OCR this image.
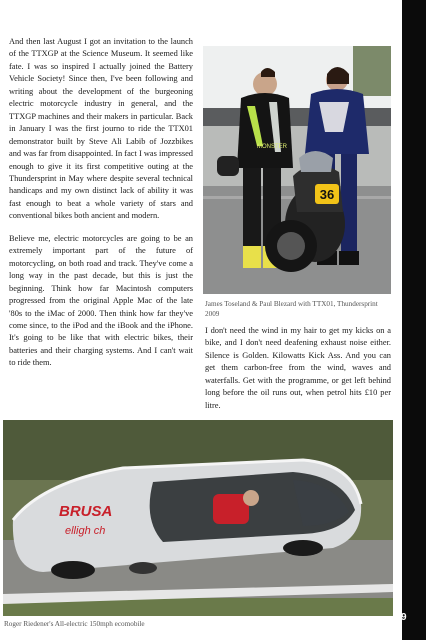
And then last August I got an invitation to the launch of the TTXGP at the Science Museum. It seemed like fate. I was so inspired I actually joined the Battery Vehicle Society! Since then, I've been following and writing about the development of the burgeoning electric motorcycle industry in general, and the TTXGP machines and their makers in particular. Back in January I was the first journo to ride the TTX01 demonstrator built by Steve Ali Labib of Jozzbikes and was far from disappointed. In fact I was impressed enough to give it its first competitive outing at the Thundersprint in May where despite several technical handicaps and my own distinct lack of ability it was fast enough to beat a whole variety of stars and conventional bikes both ancient and modern.

Believe me, electric motorcycles are going to be an extremely important part of the future of motorcycling, on both road and track. They've come a long way in the past decade, but this is just the beginning. Think how far Macintosh computers progressed from the original Apple Mac of the late '80s to the iMac of 2000. Then think how far they've come since, to the iPod and the iBook and the iPhone. It's going to be like that with electric bikes, their batteries and their charging systems. And I can't wait to ride them.

MONSTER
36
James Toseland & Paul Blezard with TTX01, Thundersprint 2009

I don't need the wind in my hair to get my kicks on a bike, and I don't need deafening exhaust noise either. Silence is Golden. Kilowatts Kick Ass. And you can get them carbon-free from the wind, waves and waterfalls. Get with the programme, or get left behind long before the oil runs out, when petrol hits £10 per litre.

BRUSA
elligh ch
Roger Riedener's All-electric 150mph ecomobile
9
